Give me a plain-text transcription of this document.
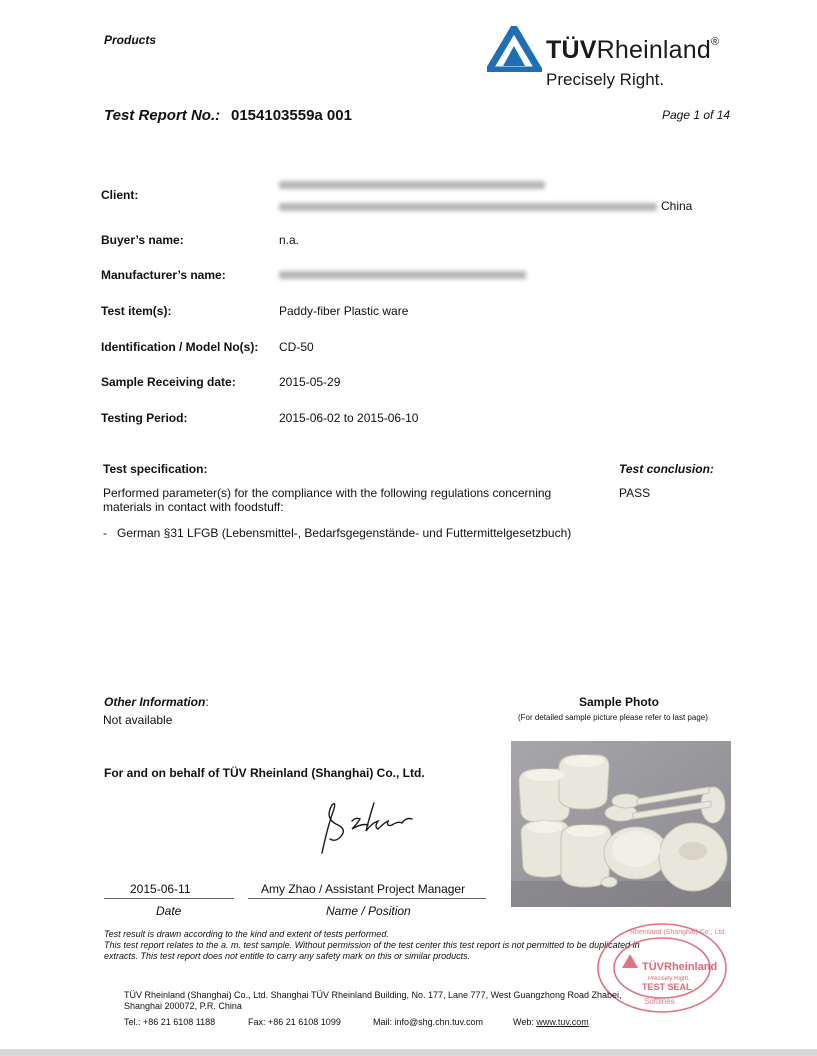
Products	TÜVRheinland®
Precisely Right.
Test Report No.: 0154103559a 001	Page 1 of 14
Client:
China
Buyer’s name:	n.a.
Manufacturer’s name:
Test item(s):	Paddy-fiber Plastic ware
Identification / Model No(s): CD-50
Sample Receiving date:	2015-05-29
Testing Period:	2015-06-02 to 2015-06-10
Test specification:	Test conclusion:
Performed parameter(s) for the compliance with the following regulations concerning
materials in contact with foodstuff:
PASS
-   German §31 LFGB (Lebensmittel-, Bedarfsgegenstände- und Futtermittelgesetzbuch)
Other Information:
Not available
Sample Photo
(For detailed sample picture please refer to last page)
For and on behalf of TÜV Rheinland (Shanghai) Co., Ltd.
2015-06-11	Amy Zhao / Assistant Project Manager
Date	Name / Position
Test result is drawn according to the kind and extent of tests performed.
This test report relates to the a. m. test sample. Without permission of the test center this test report is not permitted to be duplicated in
extracts. This test report does not entitle to carry any safety mark on this or similar products.
TÜVRheinland
Precisely Right.
TEST SEAL
Softlines
Rheinland (Shanghai) Co., Ltd.
TÜV Rheinland (Shanghai) Co., Ltd. Shanghai TÜV Rheinland Building, No. 177, Lane 777, West Guangzhong Road Zhabei,
Shanghai 200072, P.R. China
Tel.: +86 21 6108 1188	Fax: +86 21 6108 1099	Mail: info@shg.chn.tuv.com	Web: www.tuv.com
